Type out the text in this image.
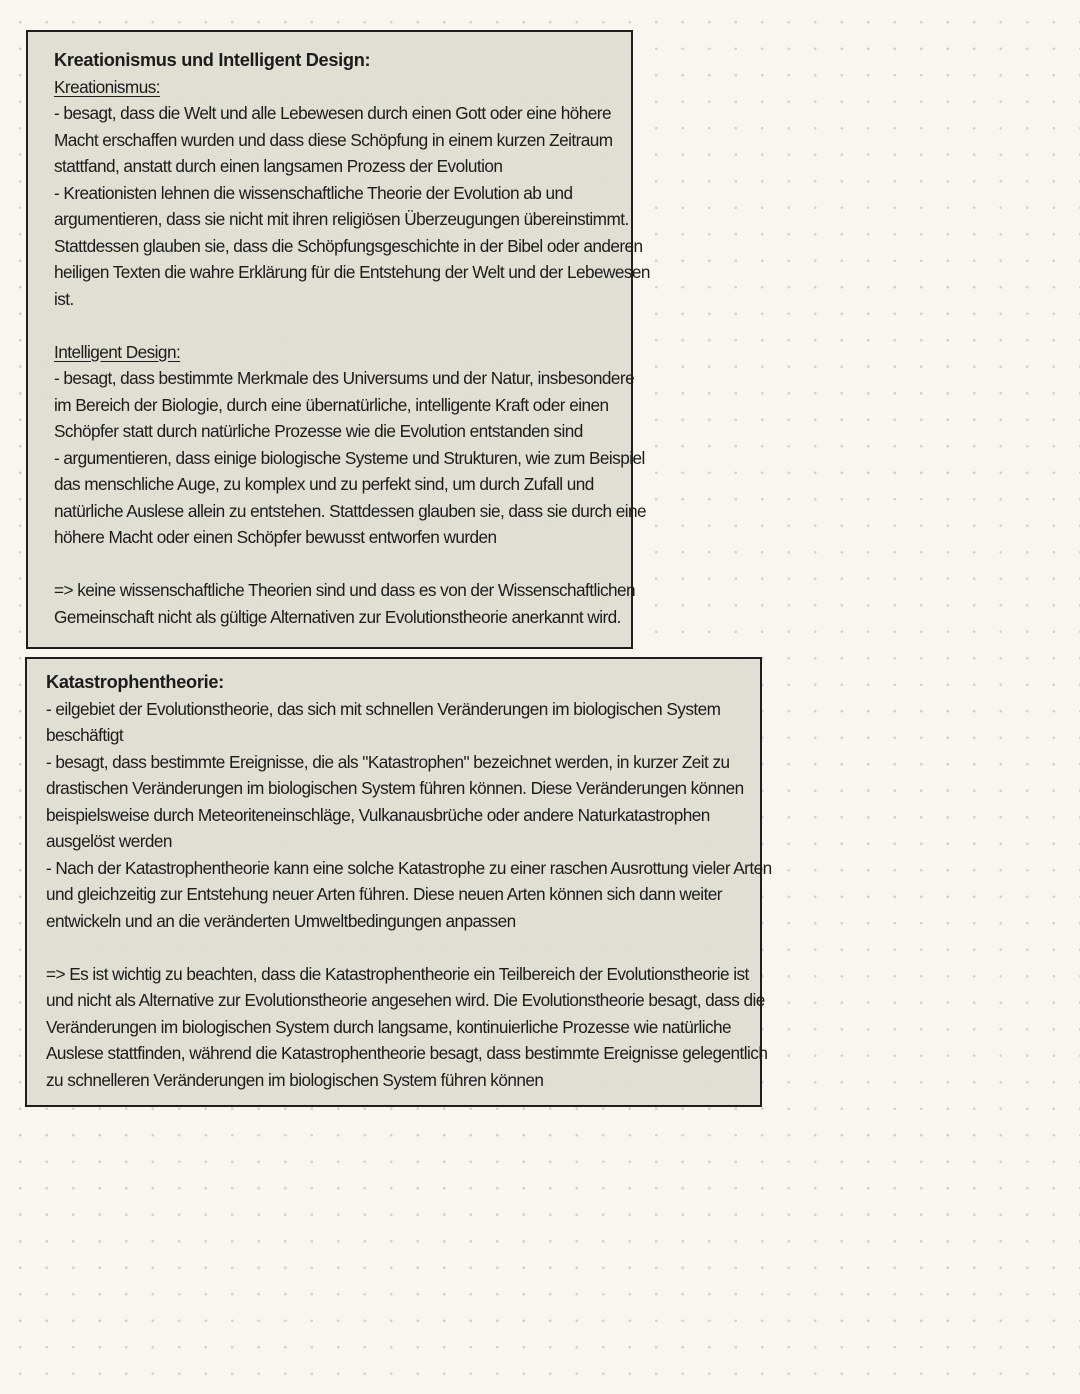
Kreationismus und Intelligent Design:
Kreationismus:
- besagt, dass die Welt und alle Lebewesen durch einen Gott oder eine höhere
Macht erschaffen wurden und dass diese Schöpfung in einem kurzen Zeitraum
stattfand, anstatt durch einen langsamen Prozess der Evolution
- Kreationisten lehnen die wissenschaftliche Theorie der Evolution ab und
argumentieren, dass sie nicht mit ihren religiösen Überzeugungen übereinstimmt.
Stattdessen glauben sie, dass die Schöpfungsgeschichte in der Bibel oder anderen
heiligen Texten die wahre Erklärung für die Entstehung der Welt und der Lebewesen
ist.
Intelligent Design:
- besagt, dass bestimmte Merkmale des Universums und der Natur, insbesondere
im Bereich der Biologie, durch eine übernatürliche, intelligente Kraft oder einen
Schöpfer statt durch natürliche Prozesse wie die Evolution entstanden sind
- argumentieren, dass einige biologische Systeme und Strukturen, wie zum Beispiel
das menschliche Auge, zu komplex und zu perfekt sind, um durch Zufall und
natürliche Auslese allein zu entstehen. Stattdessen glauben sie, dass sie durch eine
höhere Macht oder einen Schöpfer bewusst entworfen wurden
=> keine wissenschaftliche Theorien sind und dass es von der Wissenschaftlichen
Gemeinschaft nicht als gültige Alternativen zur Evolutionstheorie anerkannt wird.
Katastrophentheorie:
- eilgebiet der Evolutionstheorie, das sich mit schnellen Veränderungen im biologischen System
beschäftigt
- besagt, dass bestimmte Ereignisse, die als "Katastrophen" bezeichnet werden, in kurzer Zeit zu
drastischen Veränderungen im biologischen System führen können. Diese Veränderungen können
beispielsweise durch Meteoriteneinschläge, Vulkanausbrüche oder andere Naturkatastrophen
ausgelöst werden
- Nach der Katastrophentheorie kann eine solche Katastrophe zu einer raschen Ausrottung vieler Arten
und gleichzeitig zur Entstehung neuer Arten führen. Diese neuen Arten können sich dann weiter
entwickeln und an die veränderten Umweltbedingungen anpassen
=> Es ist wichtig zu beachten, dass die Katastrophentheorie ein Teilbereich der Evolutionstheorie ist
und nicht als Alternative zur Evolutionstheorie angesehen wird. Die Evolutionstheorie besagt, dass die
Veränderungen im biologischen System durch langsame, kontinuierliche Prozesse wie natürliche
Auslese stattfinden, während die Katastrophentheorie besagt, dass bestimmte Ereignisse gelegentlich
zu schnelleren Veränderungen im biologischen System führen können
